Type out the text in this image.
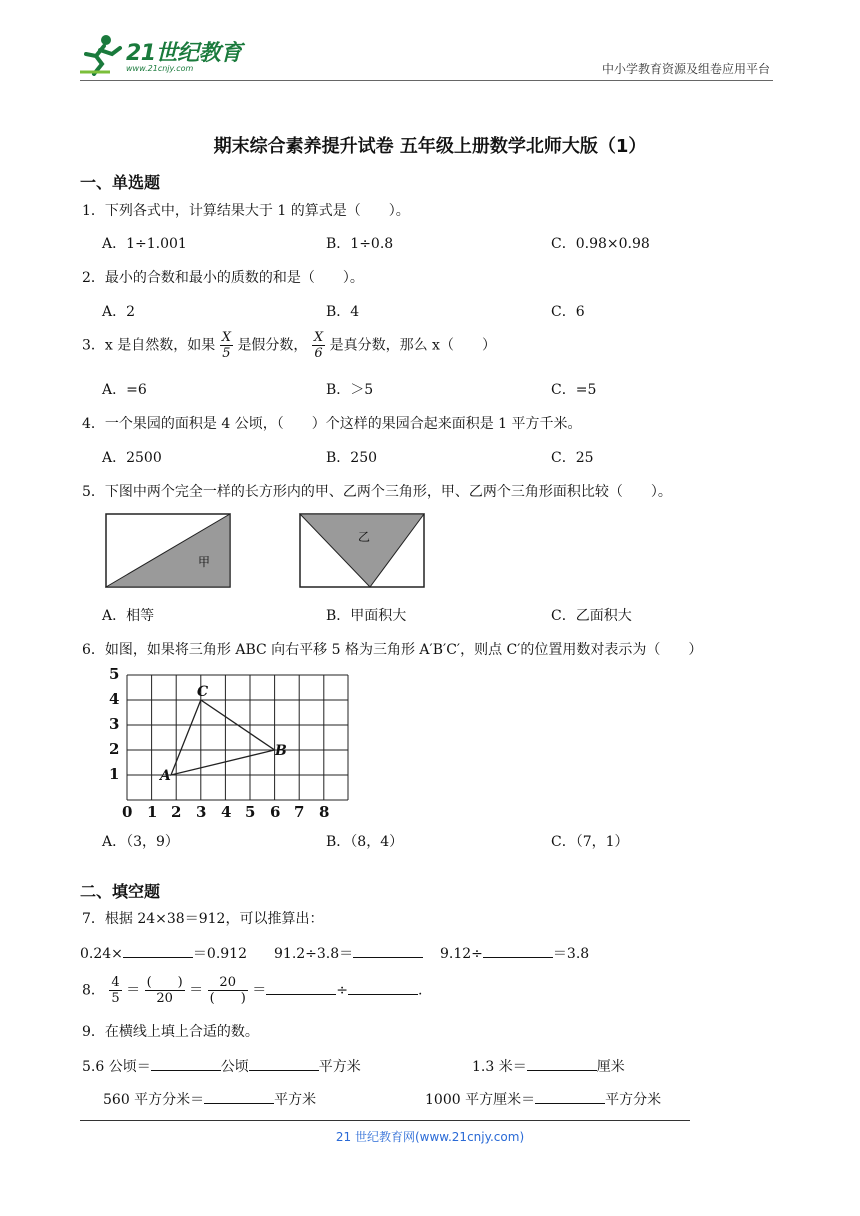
21世纪教育
www.21cnjy.com	中小学教育资源及组卷应用平台
期末综合素养提升试卷 五年级上册数学北师大版（1）
一、单选题
1．下列各式中，计算结果大于 1 的算式是（　　）。
A．1÷1.001	B．1÷0.8	C．0.98×0.98
2．最小的合数和最小的质数的和是（　　）。
A．2	B．4	C．6
3．x 是自然数，如果 $\frac{X}{5}$ 是假分数， $\frac{X}{6}$ 是真分数，那么 x（　　）
A．=6	B．＞5	C．=5
4．一个果园的面积是 4 公顷，（　　）个这样的果园合起来面积是 1 平方千米。
A．2500	B．250	C．25
5．下图中两个完全一样的长方形内的甲、乙两个三角形，甲、乙两个三角形面积比较（　　）。
甲
乙
A．相等	B．甲面积大	C．乙面积大
6．如图，如果将三角形 ABC 向右平移 5 格为三角形 A′B′C′，则点 C′的位置用数对表示为（　　）
5
4
3
2
1
0 1 2 3 4 5 6 7 8
A
B
C
A．（3，9）	B．（8，4）	C．（7，1）
二、填空题
7．根据 24×38＝912，可以推算出：
0.24×	＝0.912 91.2÷3.8＝	9.12÷	＝3.8
8． $\frac{4}{5} = \frac{( )}{20} = \frac{20}{( )}$ ＝	÷	.
9．在横线上填上合适的数。
5.6 公顷＝	公顷	平方米	1.3 米＝	厘米
560 平方分米＝	平方米	1000 平方厘米＝	平方分米
21 世纪教育网(www.21cnjy.com)
